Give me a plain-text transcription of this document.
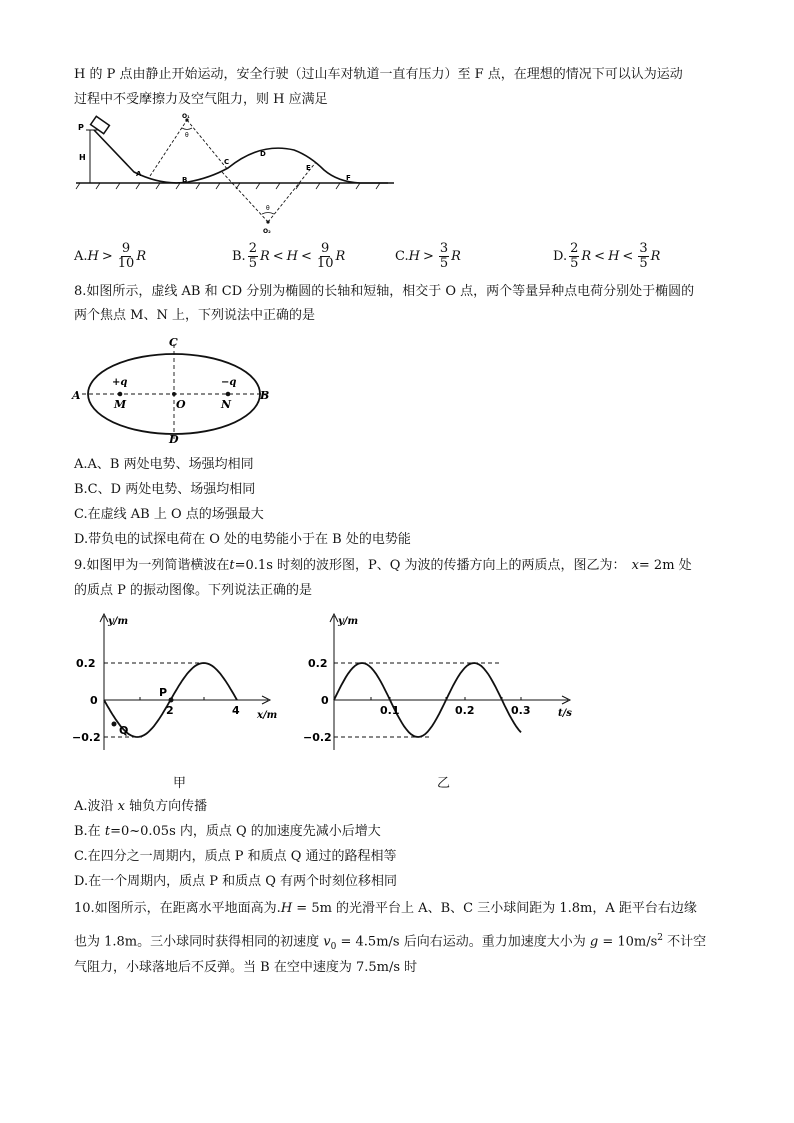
H 的 P 点由静止开始运动，安全行驶（过山车对轨道一直有压力）至 F 点，在理想的情况下可以认为运动
过程中不受摩擦力及空气阻力，则 H 应满足
P
H
A
B
C
D
E
F
O₁
O₂
θ
θ
A. $H > \frac{9}{10}$ R	B. $\frac{2}{5}$ $R < H < \frac{9}{10}$ R	C. $H > \frac{3}{5}$ R	D. $\frac{2}{5}$ $R < H < \frac{3}{5}$ R
8.如图所示，虚线 AB 和 CD 分别为椭圆的长轴和短轴，相交于 O 点，两个等量异种点电荷分别处于椭圆的
两个焦点 M、N 上，下列说法中正确的是
A	B
C
D
O
M	N
+q	−q
A.A、B 两处电势、场强均相同
B.C、D 两处电势、场强均相同
C.在虚线 AB 上 O 点的场强最大
D.带负电的试探电荷在 O 处的电势能小于在 B 处的电势能
9.如图甲为一列简谐横波在t=0.1s 时刻的波形图，P、Q 为波的传播方向上的两质点，图乙为： x= 2m 处
的质点 P 的振动图像。下列说法正确的是
y/m
x/m
0.2
0
−0.2
2	4
P
Q
甲
y/m
t/s
0.2
0
−0.2
0.1	0.2	0.3
乙
A.波沿 x 轴负方向传播
B.在 t=0~0.05s 内，质点 Q 的加速度先减小后增大
C.在四分之一周期内，质点 P 和质点 Q 通过的路程相等
D.在一个周期内，质点 P 和质点 Q 有两个时刻位移相同
10.如图所示，在距离水平地面高为.H = 5m 的光滑平台上 A、B、C 三小球间距为 1.8m，A 距平台右边缘
也为 1.8m。三小球同时获得相同的初速度 $v_0 = 4.5m/s$ 后向右运动。重力加速度大小为 $g = 10m/s^2$ 不计空
气阻力，小球落地后不反弹。当 B 在空中速度为 7.5m/s 时
